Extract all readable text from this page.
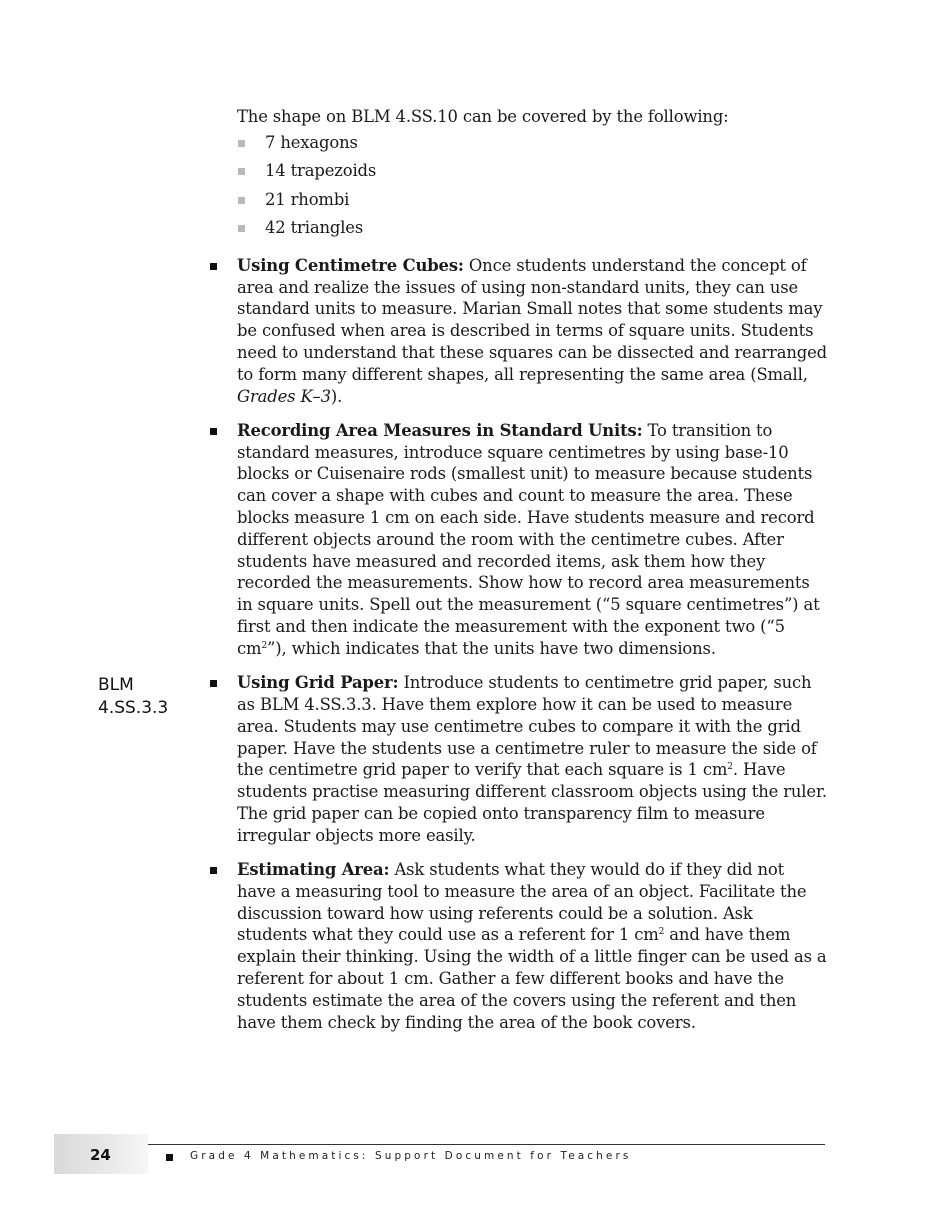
The shape on BLM 4.SS.10 can be covered by the following:

7 hexagons
14 trapezoids
21 rhombi
42 triangles
Using Centimetre Cubes: Once students understand the concept of area and realize the issues of using non-standard units, they can use standard units to measure. Marian Small notes that some students may be confused when area is described in terms of square units. Students need to understand that these squares can be dissected and rearranged to form many different shapes, all representing the same area (Small, Grades K–3).
Recording Area Measures in Standard Units: To transition to standard measures, introduce square centimetres by using base-10 blocks or Cuisenaire rods (smallest unit) to measure because students can cover a shape with cubes and count to measure the area. These blocks measure 1 cm on each side. Have students measure and record different objects around the room with the centimetre cubes. After students have measured and recorded items, ask them how they recorded the measurements. Show how to record area measurements in square units. Spell out the measurement (“5 square centimetres”) at first and then indicate the measurement with the exponent two (“5 $cm^2$”), which indicates that the units have two dimensions.
Using Grid Paper: Introduce students to centimetre grid paper, such as BLM 4.SS.3.3. Have them explore how it can be used to measure area. Students may use centimetre cubes to compare it with the grid paper. Have the students use a centimetre ruler to measure the side of the centimetre grid paper to verify that each square is 1 $cm^2$. Have students practise measuring different classroom objects using the ruler. The grid paper can be copied onto transparency film to measure irregular objects more easily.
Estimating Area: Ask students what they would do if they did not have a measuring tool to measure the area of an object. Facilitate the discussion toward how using referents could be a solution. Ask students what they could use as a referent for 1 $cm^2$ and have them explain their thinking. Using the width of a little finger can be used as a referent for about 1 cm. Gather a few different books and have the students estimate the area of the covers using the referent and then have them check by finding the area of the book covers.
BLM
4.SS.3.3
24	Grade 4 Mathematics: Support Document for Teachers
